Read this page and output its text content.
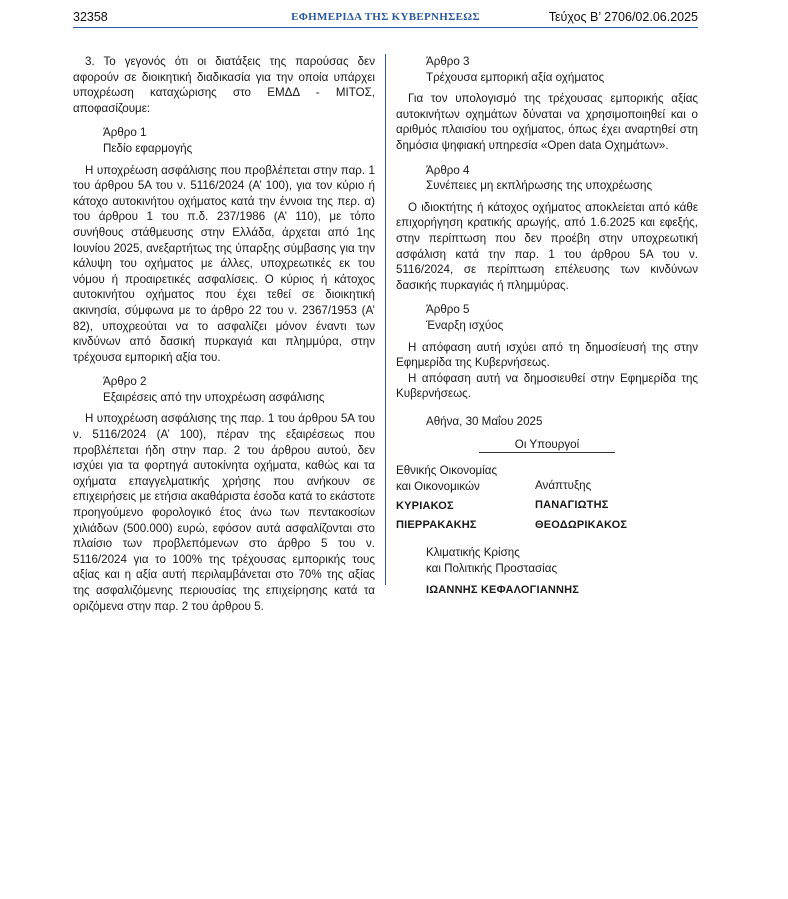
32358	ΕΦΗΜΕΡΙΔΑ ΤΗΣ ΚΥΒΕΡΝΗΣΕΩΣ	Τεύχος B’ 2706/02.06.2025

3. Το γεγονός ότι οι διατάξεις της παρούσας δεν αφορούν σε διοικητική διαδικασία για την οποία υπάρχει υποχρέωση καταχώρισης στο ΕΜΔΔ - ΜΙΤΟΣ, αποφασίζουμε:

Άρθρο 1

Πεδίο εφαρμογής

Η υποχρέωση ασφάλισης που προβλέπεται στην παρ. 1 του άρθρου 5Α του ν. 5116/2024 (Α’ 100), για τον κύριο ή κάτοχο αυτοκινήτου οχήματος κατά την έννοια της περ. α) του άρθρου 1 του π.δ. 237/1986 (Α’ 110), με τόπο συνήθους στάθμευσης στην Ελλάδα, άρχεται από 1ης Ιουνίου 2025, ανεξαρτήτως της ύπαρξης σύμβασης για την κάλυψη του οχήματος με άλλες, υποχρεωτικές εκ του νόμου ή προαιρετικές ασφαλίσεις. Ο κύριος ή κάτοχος αυτοκινήτου οχήματος που έχει τεθεί σε διοικητική ακινησία, σύμφωνα με το άρθρο 22 του ν. 2367/1953 (Α’ 82), υποχρεούται να το ασφαλίζει μόνον έναντι των κινδύνων από δασική πυρκαγιά και πλημμύρα, στην τρέχουσα εμπορική αξία του.

Άρθρο 2

Εξαιρέσεις από την υποχρέωση ασφάλισης

Η υποχρέωση ασφάλισης της παρ. 1 του άρθρου 5Α του ν. 5116/2024 (Α’ 100), πέραν της εξαιρέσεως που προβλέπεται ήδη στην παρ. 2 του άρθρου αυτού, δεν ισχύει για τα φορτηγά αυτοκίνητα οχήματα, καθώς και τα οχήματα επαγγελματικής χρήσης που ανήκουν σε επιχειρήσεις με ετήσια ακαθάριστα έσοδα κατά το εκάστοτε προηγούμενο φορολογικό έτος άνω των πεντακοσίων χιλιάδων (500.000) ευρώ, εφόσον αυτά ασφαλίζονται στο πλαίσιο των προβλεπόμενων στο άρθρο 5 του ν. 5116/2024 για το 100% της τρέχουσας εμπορικής τους αξίας και η αξία αυτή περιλαμβάνεται στο 70% της αξίας της ασφαλιζόμενης περιουσίας της επιχείρησης κατά τα οριζόμενα στην παρ. 2 του άρθρου 5.

Άρθρο 3

Τρέχουσα εμπορική αξία οχήματος

Για τον υπολογισμό της τρέχουσας εμπορικής αξίας αυτοκινήτων οχημάτων δύναται να χρησιμοποιηθεί και ο αριθμός πλαισίου του οχήματος, όπως έχει αναρτηθεί στη δημόσια ψηφιακή υπηρεσία «Open data Οχημάτων».

Άρθρο 4

Συνέπειες μη εκπλήρωσης της υποχρέωσης

Ο ιδιοκτήτης ή κάτοχος οχήματος αποκλείεται από κάθε επιχορήγηση κρατικής αρωγής, από 1.6.2025 και εφεξής, στην περίπτωση που δεν προέβη στην υποχρεωτική ασφάλιση κατά την παρ. 1 του άρθρου 5Α του ν. 5116/2024, σε περίπτωση επέλευσης των κινδύνων δασικής πυρκαγιάς ή πλημμύρας.

Άρθρο 5

Έναρξη ισχύος

Η απόφαση αυτή ισχύει από τη δημοσίευσή της στην Εφημερίδα της Κυβερνήσεως.

Η απόφαση αυτή να δημοσιευθεί στην Εφημερίδα της Κυβερνήσεως.

Αθήνα, 30 Μαΐου 2025

Οι Υπουργοί

Εθνικής Οικονομίας
και Οικονομικών
ΚΥΡΙΑΚΟΣ
ΠΙΕΡΡΑΚΑΚΗΣ
Ανάπτυξης
ΠΑΝΑΓΙΩΤΗΣ
ΘΕΟΔΩΡΙΚΑΚΟΣ
Κλιματικής Κρίσης
και Πολιτικής Προστασίας
ΙΩΑΝΝΗΣ ΚΕΦΑΛΟΓΙΑΝΝΗΣ
